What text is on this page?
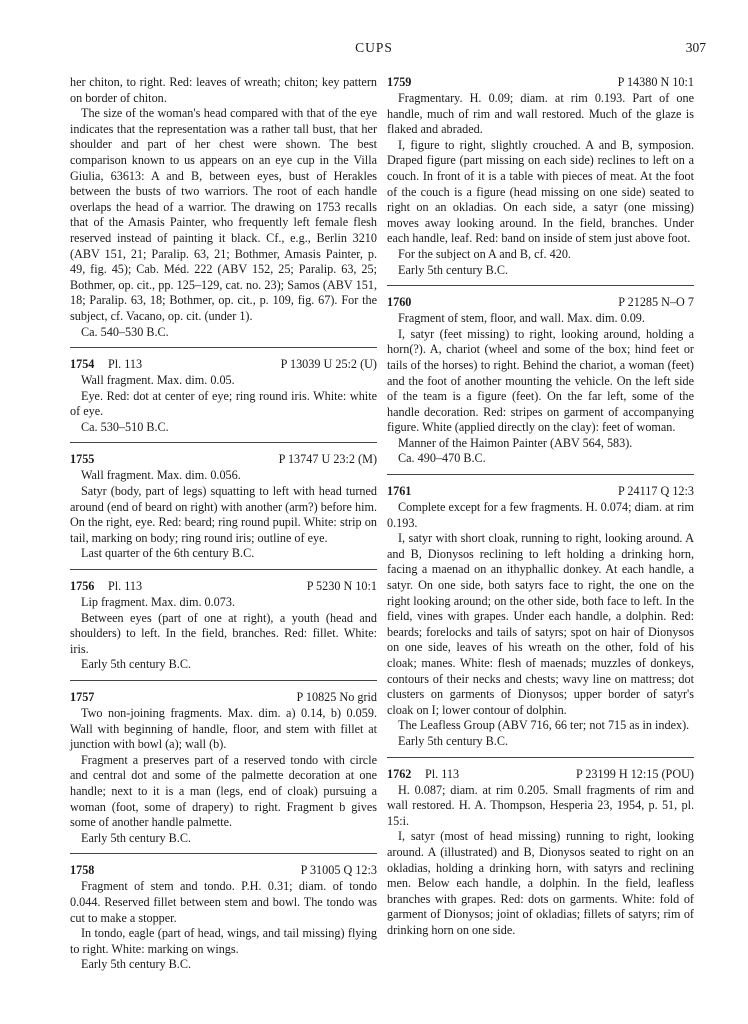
CUPS	307

her chiton, to right. Red: leaves of wreath; chiton; key pattern on border of chiton.

The size of the woman's head compared with that of the eye indicates that the representation was a rather tall bust, that her shoulder and part of her chest were shown. The best comparison known to us appears on an eye cup in the Villa Giulia, 63613: A and B, between eyes, bust of Herakles between the busts of two warriors. The root of each handle overlaps the head of a warrior. The drawing on 1753 recalls that of the Amasis Painter, who frequently left female flesh reserved instead of painting it black. Cf., e.g., Berlin 3210 (ABV 151, 21; Paralip. 63, 21; Bothmer, Amasis Painter, p. 49, fig. 45); Cab. Méd. 222 (ABV 152, 25; Paralip. 63, 25; Bothmer, op. cit., pp. 125–129, cat. no. 23); Samos (ABV 151, 18; Paralip. 63, 18; Bothmer, op. cit., p. 109, fig. 67). For the subject, cf. Vacano, op. cit. (under 1).

Ca. 540–530 B.C.

1754 Pl. 113	P 13039 U 25:2 (U)

Wall fragment. Max. dim. 0.05.

Eye. Red: dot at center of eye; ring round iris. White: white of eye.

Ca. 530–510 B.C.

1755	P 13747 U 23:2 (M)

Wall fragment. Max. dim. 0.056.

Satyr (body, part of legs) squatting to left with head turned around (end of beard on right) with another (arm?) before him. On the right, eye. Red: beard; ring round pupil. White: strip on tail, marking on body; ring round iris; outline of eye.

Last quarter of the 6th century B.C.

1756 Pl. 113	P 5230 N 10:1

Lip fragment. Max. dim. 0.073.

Between eyes (part of one at right), a youth (head and shoulders) to left. In the field, branches. Red: fillet. White: iris.

Early 5th century B.C.

1757	P 10825 No grid

Two non-joining fragments. Max. dim. a) 0.14, b) 0.059. Wall with beginning of handle, floor, and stem with fillet at junction with bowl (a); wall (b).

Fragment a preserves part of a reserved tondo with circle and central dot and some of the palmette decoration at one handle; next to it is a man (legs, end of cloak) pursuing a woman (foot, some of drapery) to right. Fragment b gives some of another handle palmette.

Early 5th century B.C.

1758	P 31005 Q 12:3

Fragment of stem and tondo. P.H. 0.31; diam. of tondo 0.044. Reserved fillet between stem and bowl. The tondo was cut to make a stopper.

In tondo, eagle (part of head, wings, and tail missing) flying to right. White: marking on wings.

Early 5th century B.C.

1759	P 14380 N 10:1

Fragmentary. H. 0.09; diam. at rim 0.193. Part of one handle, much of rim and wall restored. Much of the glaze is flaked and abraded.

I, figure to right, slightly crouched. A and B, symposion. Draped figure (part missing on each side) reclines to left on a couch. In front of it is a table with pieces of meat. At the foot of the couch is a figure (head missing on one side) seated to right on an okladias. On each side, a satyr (one missing) moves away looking around. In the field, branches. Under each handle, leaf. Red: band on inside of stem just above foot.

For the subject on A and B, cf. 420.

Early 5th century B.C.

1760	P 21285 N–O 7

Fragment of stem, floor, and wall. Max. dim. 0.09.

I, satyr (feet missing) to right, looking around, holding a horn(?). A, chariot (wheel and some of the box; hind feet or tails of the horses) to right. Behind the chariot, a woman (feet) and the foot of another mounting the vehicle. On the left side of the team is a figure (feet). On the far left, some of the handle decoration. Red: stripes on garment of accompanying figure. White (applied directly on the clay): feet of woman.

Manner of the Haimon Painter (ABV 564, 583).

Ca. 490–470 B.C.

1761	P 24117 Q 12:3

Complete except for a few fragments. H. 0.074; diam. at rim 0.193.

I, satyr with short cloak, running to right, looking around. A and B, Dionysos reclining to left holding a drinking horn, facing a maenad on an ithyphallic donkey. At each handle, a satyr. On one side, both satyrs face to right, the one on the right looking around; on the other side, both face to left. In the field, vines with grapes. Under each handle, a dolphin. Red: beards; forelocks and tails of satyrs; spot on hair of Dionysos on one side, leaves of his wreath on the other, fold of his cloak; manes. White: flesh of maenads; muzzles of donkeys, contours of their necks and chests; wavy line on mattress; dot clusters on garments of Dionysos; upper border of satyr's cloak on I; lower contour of dolphin.

The Leafless Group (ABV 716, 66 ter; not 715 as in index).

Early 5th century B.C.

1762 Pl. 113	P 23199 H 12:15 (POU)

H. 0.087; diam. at rim 0.205. Small fragments of rim and wall restored. H. A. Thompson, Hesperia 23, 1954, p. 51, pl. 15:i.

I, satyr (most of head missing) running to right, looking around. A (illustrated) and B, Dionysos seated to right on an okladias, holding a drinking horn, with satyrs and reclining men. Below each handle, a dolphin. In the field, leafless branches with grapes. Red: dots on garments. White: fold of garment of Dionysos; joint of okladias; fillets of satyrs; rim of drinking horn on one side.
